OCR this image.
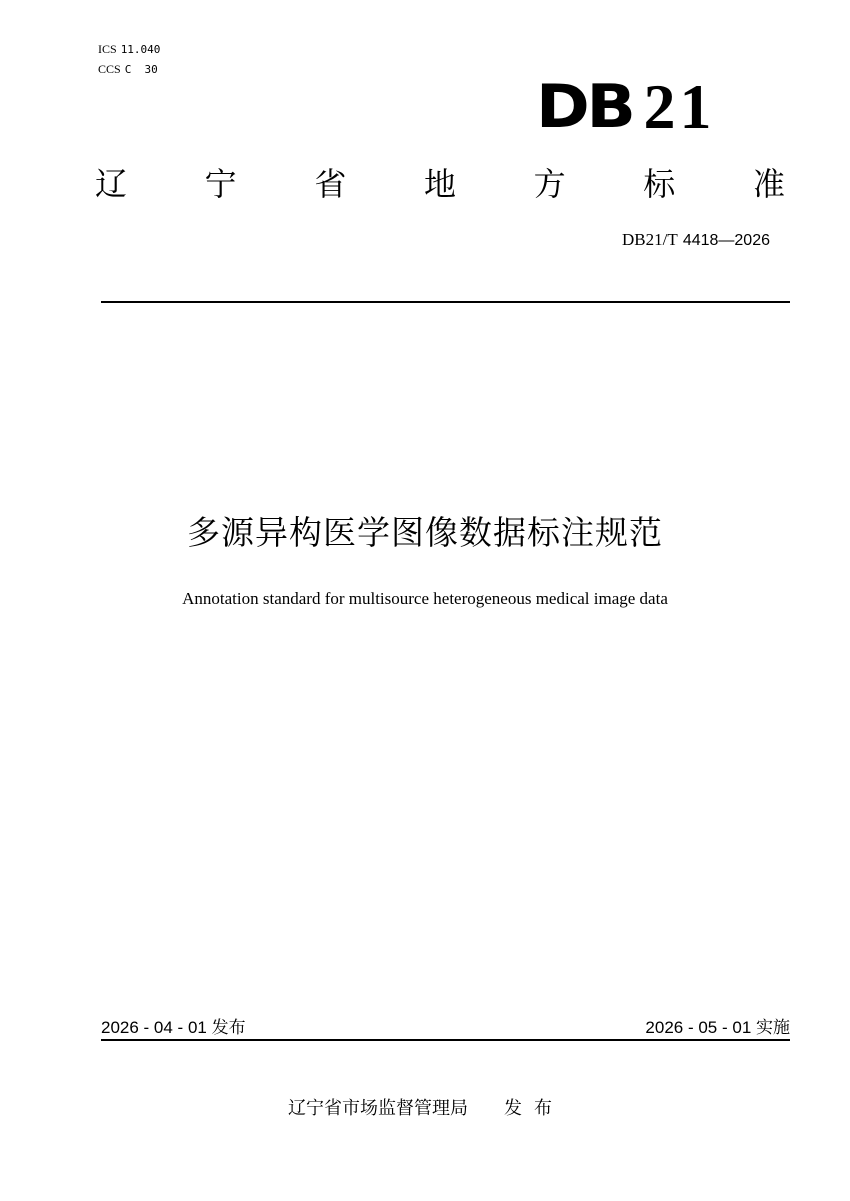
ICS 11.040
CCS C  30
DB 21
辽 宁 省 地 方 标 准
DB21/T 4418—2026
多源异构医学图像数据标注规范
Annotation standard for multisource heterogeneous medical image data
2026 - 04 - 01 发布	2026 - 05 - 01 实施
辽宁省市场监督管理局 发布
